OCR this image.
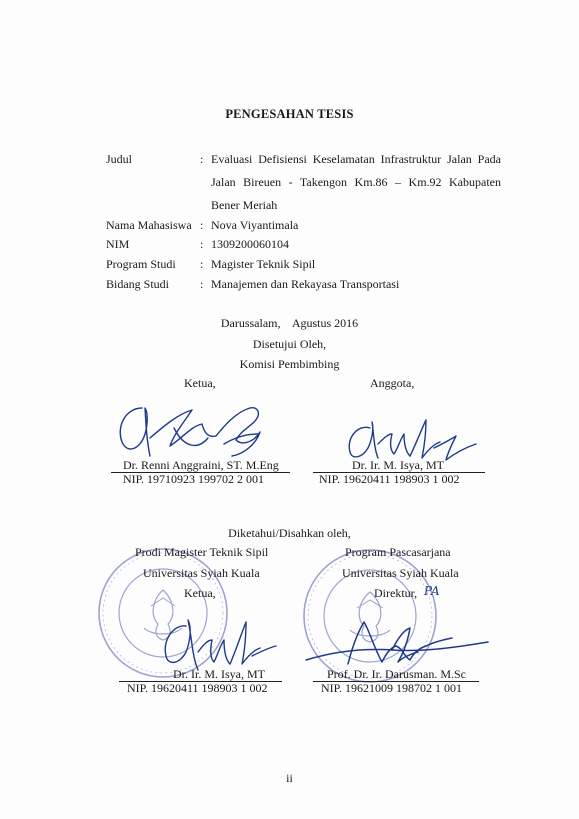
PENGESAHAN TESIS
Judul	: Evaluasi Defisiensi Keselamatan Infrastruktur Jalan Pada
Jalan Bireuen - Takengon Km.86 – Km.92 Kabupaten
Bener Meriah
Nama Mahasiswa : Nova Viyantimala
NIM	: 1309200060104
Program Studi : Magister Teknik Sipil
Bidang Studi	: Manajemen dan Rekayasa Transportasi
Darussalam,    Agustus 2016
Disetujui Oleh,
Komisi Pembimbing
Ketua,	Anggota,
Dr. Renni Anggraini, ST. M.Eng
NIP. 19710923 199702 2 001
Dr. Ir. M. Isya, MT
NIP. 19620411 198903 1 002
Diketahui/Disahkan oleh,
Prodi Magister Teknik Sipil
Universitas Syiah Kuala
Ketua,
Program Pascasarjana
Universitas Syiah Kuala
Direktur, PA
Dr. Ir. M. Isya, MT
NIP. 19620411 198903 1 002
Prof. Dr. Ir. Darusman. M.Sc
NIP. 19621009 198702 1 001
ii
